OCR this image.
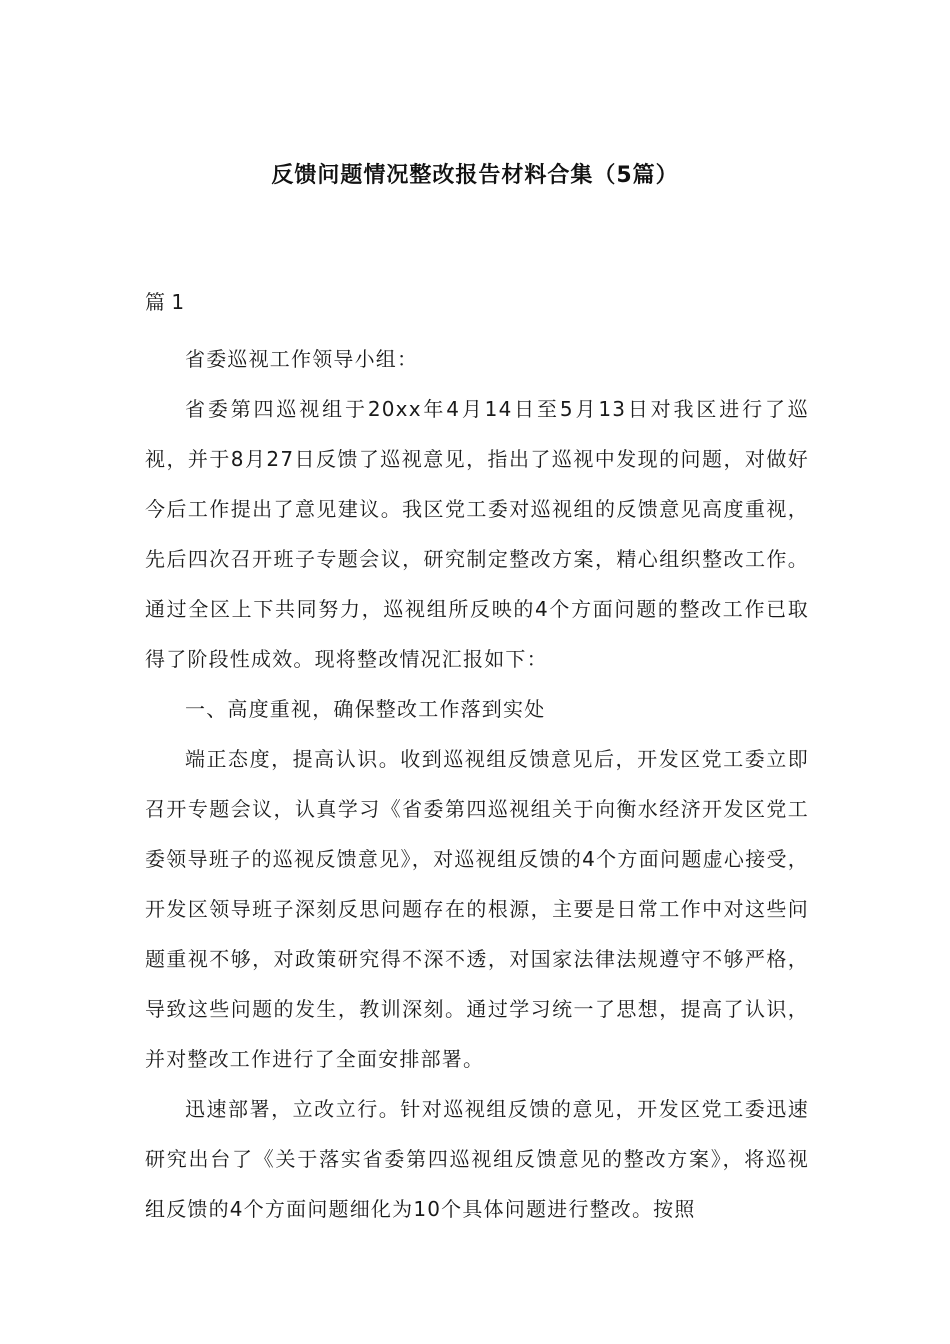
反馈问题情况整改报告材料合集（5篇）
篇 1

省委巡视工作领导小组：

省委第四巡视组于20xx年4月14日至5月13日对我区进行了巡视，并于8月27日反馈了巡视意见，指出了巡视中发现的问题，对做好今后工作提出了意见建议。我区党工委对巡视组的反馈意见高度重视，先后四次召开班子专题会议，研究制定整改方案，精心组织整改工作。通过全区上下共同努力，巡视组所反映的4个方面问题的整改工作已取得了阶段性成效。现将整改情况汇报如下：

一、高度重视，确保整改工作落到实处

端正态度，提高认识。收到巡视组反馈意见后，开发区党工委立即召开专题会议，认真学习《省委第四巡视组关于向衡水经济开发区党工委领导班子的巡视反馈意见》，对巡视组反馈的4个方面问题虚心接受，开发区领导班子深刻反思问题存在的根源，主要是日常工作中对这些问题重视不够，对政策研究得不深不透，对国家法律法规遵守不够严格，导致这些问题的发生，教训深刻。通过学习统一了思想，提高了认识，并对整改工作进行了全面安排部署。

迅速部署，立改立行。针对巡视组反馈的意见，开发区党工委迅速研究出台了《关于落实省委第四巡视组反馈意见的整改方案》，将巡视组反馈的4个方面问题细化为10个具体问题进行整改。按照
